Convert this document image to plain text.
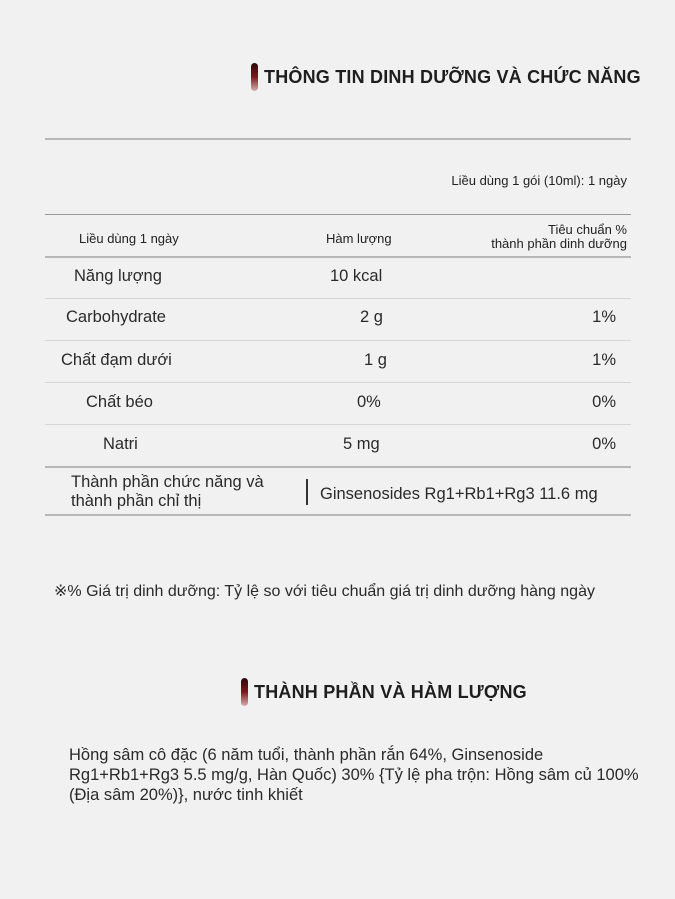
THÔNG TIN DINH DƯỠNG VÀ CHỨC NĂNG
Liều dùng 1 gói (10ml): 1 ngày
Liều dùng 1 ngày	Hàm lượng
Tiêu chuẩn %
thành phần dinh dưỡng
Năng lượng	10 kcal
Carbohydrate	2 g	1%
Chất đạm dưới	1 g	1%
Chất béo	0%	0%
Natri	5 mg	0%
Thành phần chức năng và
thành phần chỉ thị	Ginsenosides Rg1+Rb1+Rg3 11.6 mg
※% Giá trị dinh dưỡng: Tỷ lệ so với tiêu chuẩn giá trị dinh dưỡng hàng ngày
THÀNH PHẦN VÀ HÀM LƯỢNG
Hồng sâm cô đặc (6 năm tuổi, thành phần rắn 64%, Ginsenoside Rg1+Rb1+Rg3 5.5 mg/g, Hàn Quốc) 30% {Tỷ lệ pha trộn: Hồng sâm củ 100% (Địa sâm 20%)}, nước tinh khiết
